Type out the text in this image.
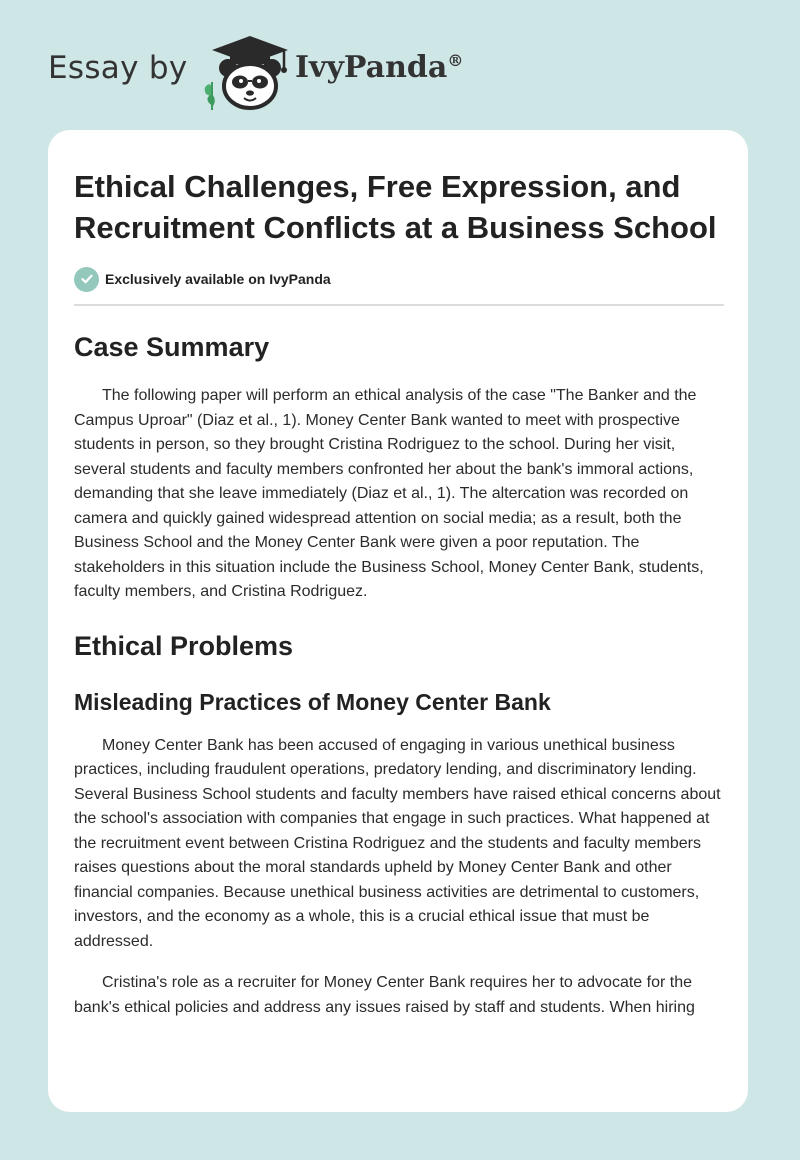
Essay by	IvyPanda®
Ethical Challenges, Free Expression, and Recruitment Conflicts at a Business School
Exclusively available on IvyPanda
Case Summary

The following paper will perform an ethical analysis of the case "The Banker and the Campus Uproar" (Diaz et al., 1). Money Center Bank wanted to meet with prospective students in person, so they brought Cristina Rodriguez to the school. During her visit, several students and faculty members confronted her about the bank's immoral actions, demanding that she leave immediately (Diaz et al., 1). The altercation was recorded on camera and quickly gained widespread attention on social media; as a result, both the Business School and the Money Center Bank were given a poor reputation. The stakeholders in this situation include the Business School, Money Center Bank, students, faculty members, and Cristina Rodriguez.

Ethical Problems
Misleading Practices of Money Center Bank

Money Center Bank has been accused of engaging in various unethical business practices, including fraudulent operations, predatory lending, and discriminatory lending. Several Business School students and faculty members have raised ethical concerns about the school's association with companies that engage in such practices. What happened at the recruitment event between Cristina Rodriguez and the students and faculty members raises questions about the moral standards upheld by Money Center Bank and other financial companies. Because unethical business activities are detrimental to customers, investors, and the economy as a whole, this is a crucial ethical issue that must be addressed.

Cristina's role as a recruiter for Money Center Bank requires her to advocate for the bank's ethical policies and address any issues raised by staff and students. When hiring
